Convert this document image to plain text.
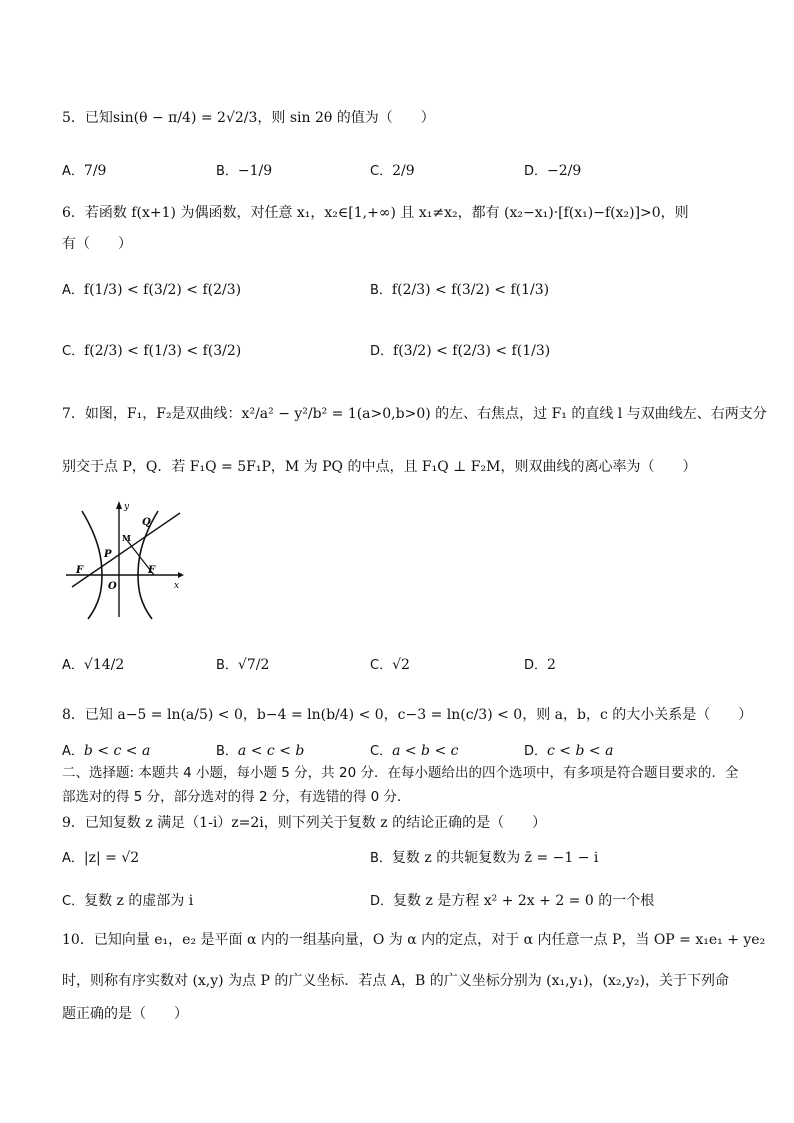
5．已知sin(θ − π/4) = 2√2/3，则 sin 2θ 的值为（　　）
A．7/9	B．−1/9	C．2/9	D．−2/9
6．若函数 f(x+1) 为偶函数，对任意 x₁，x₂∈[1,+∞) 且 x₁≠x₂，都有 (x₂−x₁)·[f(x₁)−f(x₂)]>0，则
有（　　）
A．f(1/3) < f(3/2) < f(2/3)	B．f(2/3) < f(3/2) < f(1/3)
C．f(2/3) < f(1/3) < f(3/2)	D．f(3/2) < f(2/3) < f(1/3)
7．如图，F₁，F₂是双曲线：x²/a² − y²/b² = 1(a>0,b>0) 的左、右焦点，过 F₁ 的直线 l 与双曲线左、右两支分
别交于点 P，Q．若 F₁Q = 5F₁P，M 为 PQ 的中点，且 F₁Q ⊥ F₂M，则双曲线的离心率为（　　）
y
x
Q
M
P
F	F
O
A．√14/2	B．√7/2	C．√2	D．2
8．已知 a−5 = ln(a/5) < 0，b−4 = ln(b/4) < 0，c−3 = ln(c/3) < 0，则 a，b，c 的大小关系是（　　）
A．b < c < a	B．a < c < b	C．a < b < c	D．c < b < a
二、选择题: 本题共 4 小题，每小题 5 分，共 20 分．在每小题给出的四个选项中，有多项是符合题目要求的．全
部选对的得 5 分，部分选对的得 2 分，有选错的得 0 分．
9．已知复数 z 满足（1-i）z=2i，则下列关于复数 z 的结论正确的是（　　）
A．|z| = √2	B．复数 z 的共轭复数为 z̄ = −1 − i
C．复数 z 的虚部为 i	D．复数 z 是方程 x² + 2x + 2 = 0 的一个根
10．已知向量 e₁，e₂ 是平面 α 内的一组基向量，O 为 α 内的定点，对于 α 内任意一点 P，当 OP = x₁e₁ + ye₂
时，则称有序实数对 (x,y) 为点 P 的广义坐标．若点 A，B 的广义坐标分别为 (x₁,y₁)，(x₂,y₂)，关于下列命
题正确的是（　　）
